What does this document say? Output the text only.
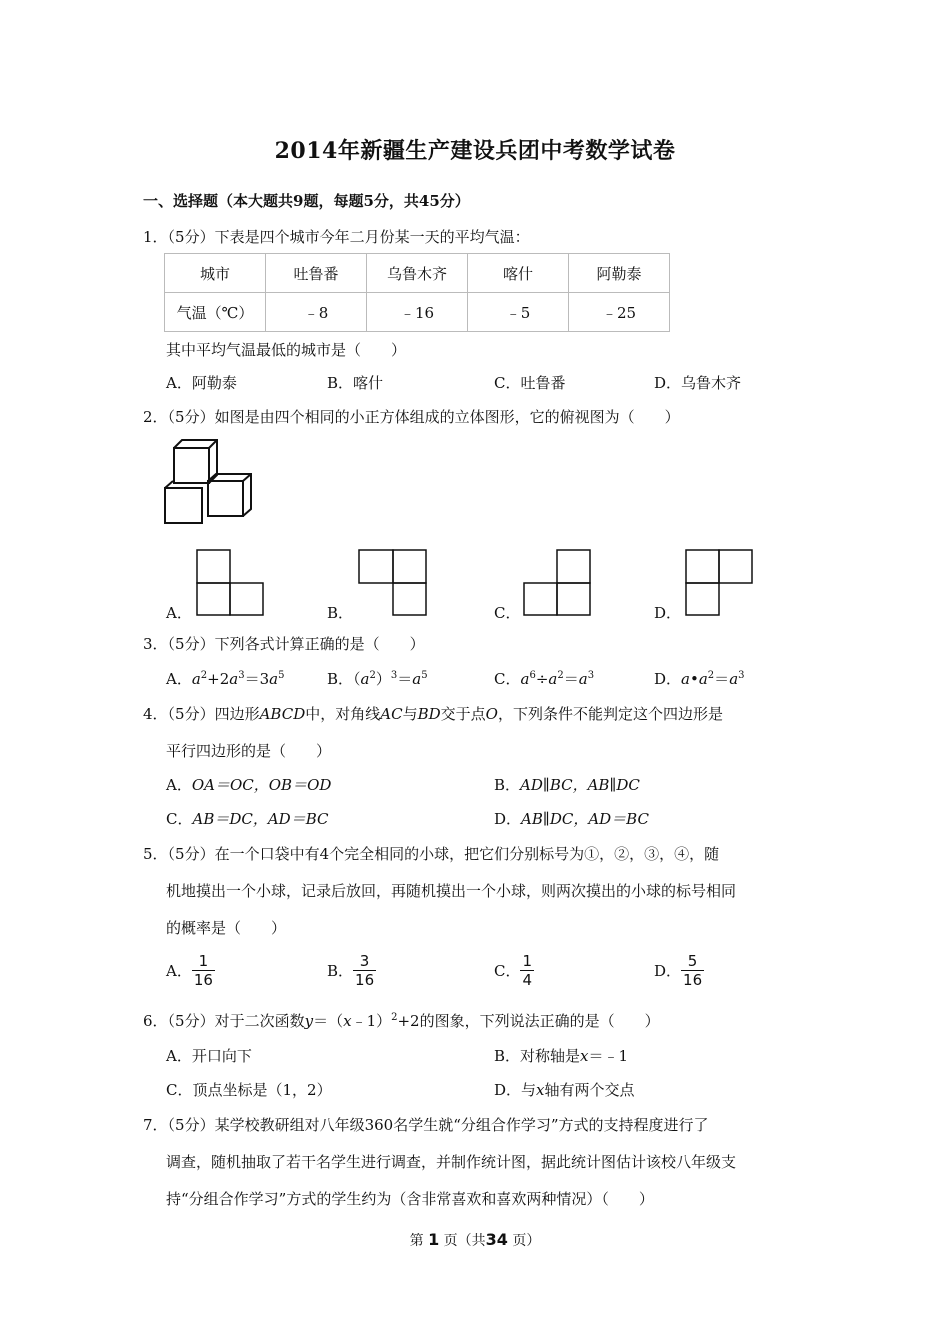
2014年新疆生产建设兵团中考数学试卷
一、选择题（本大题共9题，每题5分，共45分）
1．（5分）下表是四个城市今年二月份某一天的平均气温：
城市	吐鲁番	乌鲁木齐	喀什	阿勒泰
气温（℃）	﹣8	﹣16	﹣5	﹣25
其中平均气温最低的城市是（　　）
A．阿勒泰	B．喀什	C．吐鲁番	D．乌鲁木齐
2．（5分）如图是由四个相同的小正方体组成的立体图形，它的俯视图为（　　）
A．	B．	C．	D．
3．（5分）下列各式计算正确的是（　　）
A．$a^2+2a^3=3a^5$	B．$(a^2)^3=a^5$	C．$a^6\div a^2=a^3$	D．$a•a^2=a^3$
4．（5分）四边形ABCD中，对角线AC与BD交于点O，下列条件不能判定这个四边形是
平行四边形的是（　　）
A．OA＝OC，OB＝OD	B．AD∥BC，AB∥DC
C．AB＝DC，AD＝BC	D．AB∥DC，AD＝BC
5．（5分）在一个口袋中有4个完全相同的小球，把它们分别标号为①，②，③，④，随
机地摸出一个小球，记录后放回，再随机摸出一个小球，则两次摸出的小球的标号相同
的概率是（　　）
A． $\frac{1}{16}$	B． $\frac{3}{16}$	C． $\frac{1}{4}$	D． $\frac{5}{16}$
6．（5分）对于二次函数y＝（x﹣1）$^2$+2的图象，下列说法正确的是（　　）
A．开口向下	B．对称轴是x＝﹣1
C．顶点坐标是（1，2）	D．与x轴有两个交点
7．（5分）某学校教研组对八年级360名学生就“分组合作学习”方式的支持程度进行了
调查，随机抽取了若干名学生进行调查，并制作统计图，据此统计图估计该校八年级支
持“分组合作学习”方式的学生约为（含非常喜欢和喜欢两种情况）（　　）
第 1 页（共34 页）
